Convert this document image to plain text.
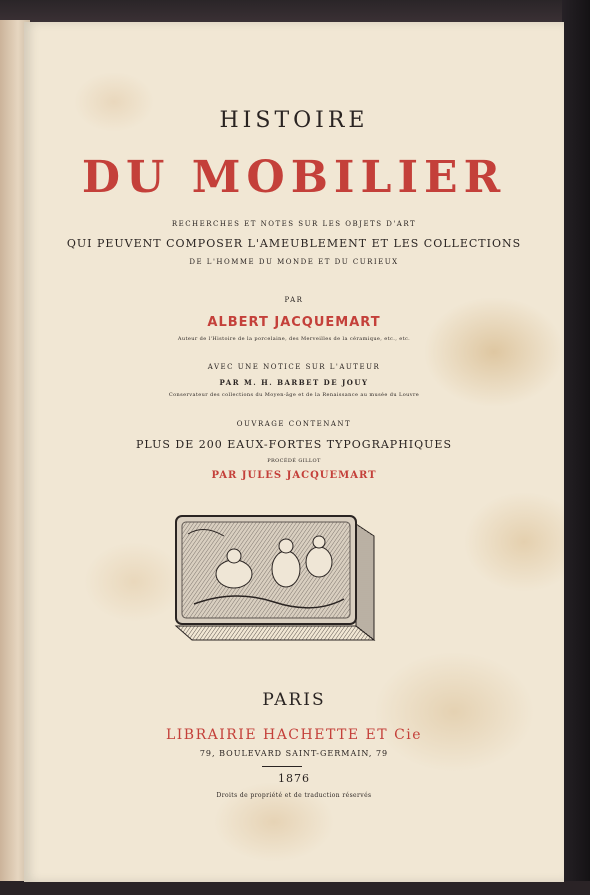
HISTOIRE
DU MOBILIER
RECHERCHES ET NOTES SUR LES OBJETS D'ART
QUI PEUVENT COMPOSER L'AMEUBLEMENT ET LES COLLECTIONS
DE L'HOMME DU MONDE ET DU CURIEUX
PAR
ALBERT JACQUEMART
Auteur de l'Histoire de la porcelaine, des Merveilles de la céramique, etc., etc.
AVEC UNE NOTICE SUR L'AUTEUR
PAR M. H. BARBET DE JOUY
Conservateur des collections du Moyen-âge et de la Renaissance au musée du Louvre
OUVRAGE CONTENANT
PLUS DE 200 EAUX-FORTES TYPOGRAPHIQUES
PROCÉDÉ GILLOT
PAR JULES JACQUEMART
PARIS
LIBRAIRIE HACHETTE ET Cie
79, BOULEVARD SAINT-GERMAIN, 79
1876
Droits de propriété et de traduction réservés
